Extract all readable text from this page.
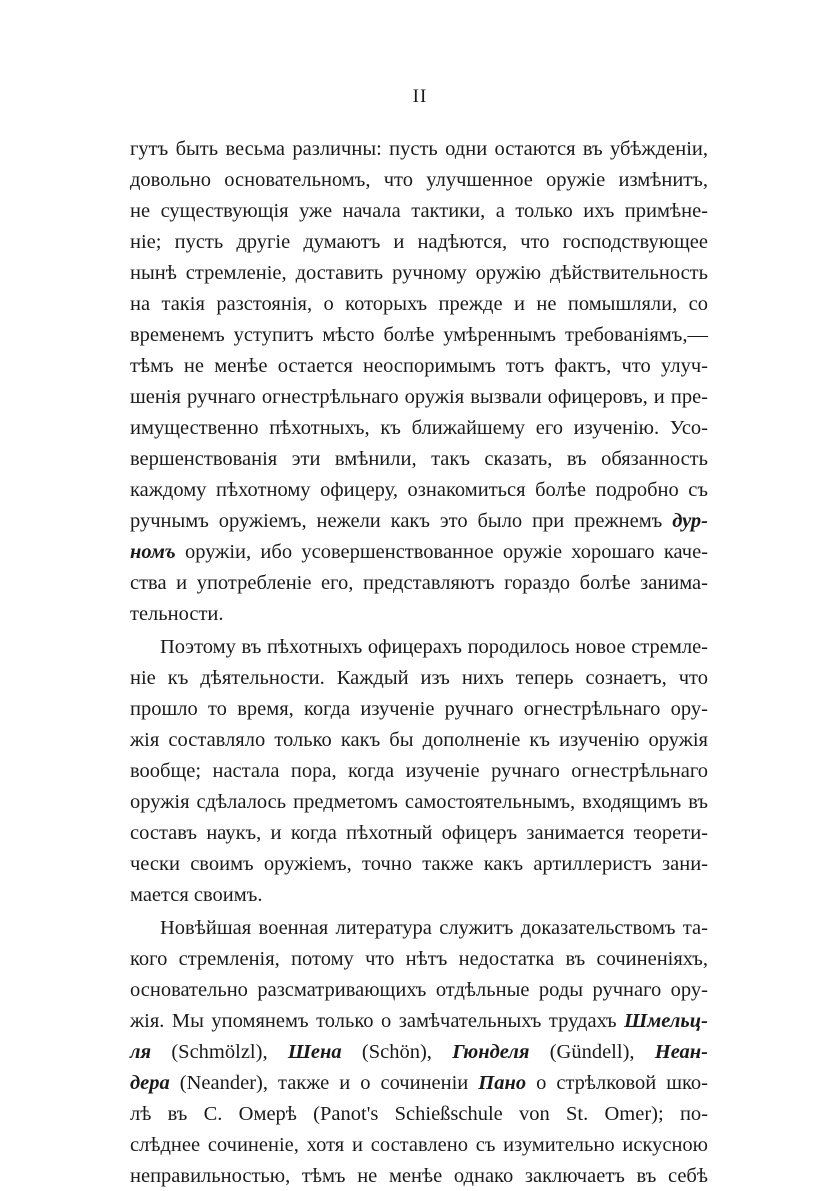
II
гутъ быть весьма различны: пусть одни остаются въ убѣжденіи,
довольно основательномъ, что улучшенное оружіе измѣнитъ,
не существующія уже начала тактики, а только ихъ примѣне-
ніе; пусть другіе думаютъ и надѣются, что господствующее
нынѣ стремленіе, доставить ручному оружію дѣйствительность
на такія разстоянія, о которыхъ прежде и не помышляли, со
временемъ уступитъ мѣсто болѣе умѣреннымъ требованіямъ,—
тѣмъ не менѣе остается неоспоримымъ тотъ фактъ, что улуч-
шенія ручнаго огнестрѣльнаго оружія вызвали офицеровъ, и пре-
имущественно пѣхотныхъ, къ ближайшему его изученію. Усо-
вершенствованія эти вмѣнили, такъ сказать, въ обязанность
каждому пѣхотному офицеру, ознакомиться болѣе подробно съ
ручнымъ оружіемъ, нежели какъ это было при прежнемъ дур-
номъ оружіи, ибо усовершенствованное оружіе хорошаго каче-
ства и употребленіе его, представляютъ гораздо болѣе занима-
тельности.
Поэтому въ пѣхотныхъ офицерахъ породилось новое стремле-
ніе къ дѣятельности. Каждый изъ нихъ теперь сознаетъ, что
прошло то время, когда изученіе ручнаго огнестрѣльнаго ору-
жія составляло только какъ бы дополненіе къ изученію оружія
вообще; настала пора, когда изученіе ручнаго огнестрѣльнаго
оружія сдѣлалось предметомъ самостоятельнымъ, входящимъ въ
составъ наукъ, и когда пѣхотный офицеръ занимается теорети-
чески своимъ оружіемъ, точно также какъ артиллеристъ зани-
мается своимъ.
Новѣйшая военная литература служитъ доказательствомъ та-
кого стремленія, потому что нѣтъ недостатка въ сочиненіяхъ,
основательно разсматривающихъ отдѣльные роды ручнаго ору-
жія. Мы упомянемъ только о замѣчательныхъ трудахъ Шмельц-
ля (Schmölzl), Шена (Schön), Гюнделя (Gündell), Неан-
дера (Neander), также и о сочиненіи Пано о стрѣлковой шко-
лѣ въ С. Омерѣ (Panot's Schießschule von St. Omer); по-
слѣднее сочиненіе, хотя и составлено съ изумительно искусною
неправильностью, тѣмъ не менѣе однако заключаетъ въ себѣ
